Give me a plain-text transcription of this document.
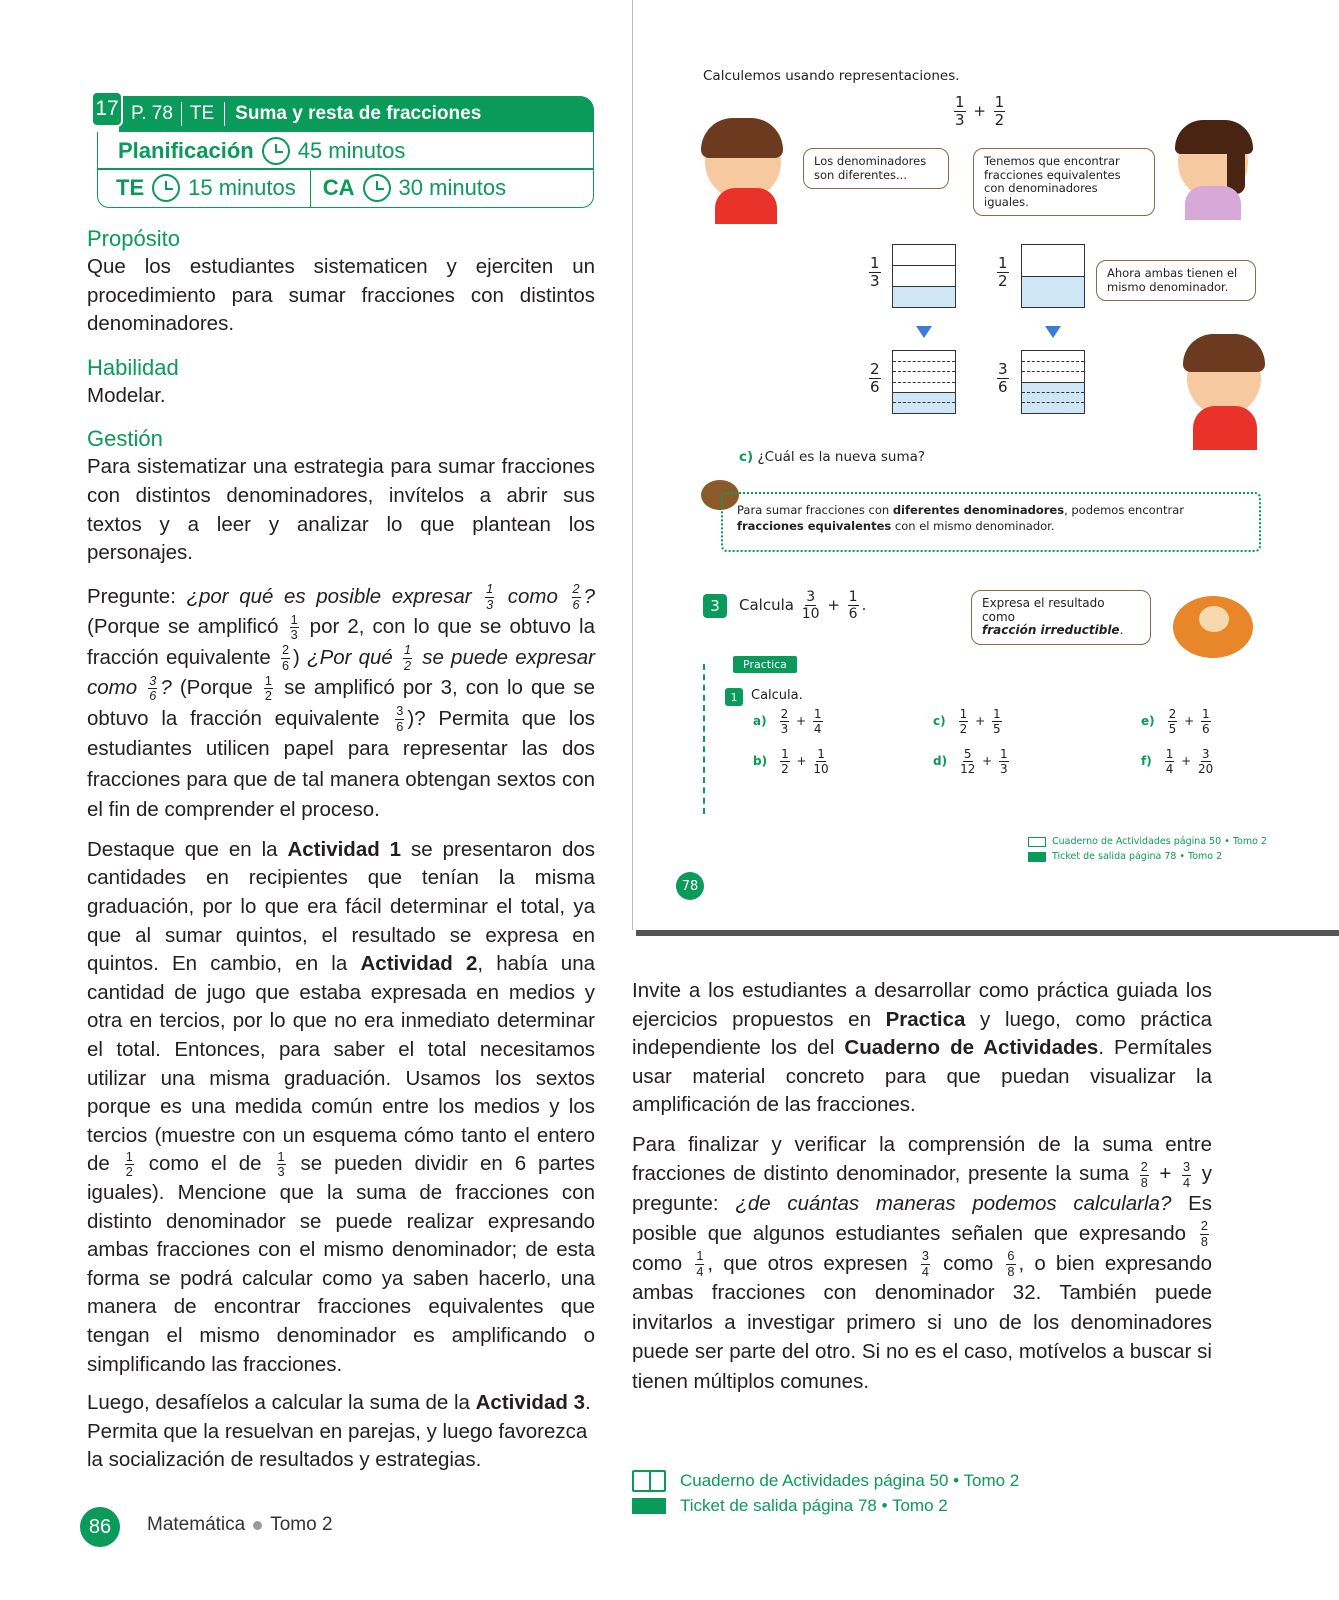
17 P. 78 TE Suma y resta de fracciones
Planificación 45 minutos
TE 15 minutos CA 30 minutos
Propósito

Que los estudiantes sistematicen y ejerciten un procedimiento para sumar fracciones con distintos denominadores.

Habilidad

Modelar.

Gestión

Para sistematizar una estrategia para sumar fracciones con distintos denominadores, invítelos a abrir sus textos y a leer y analizar lo que plantean los personajes.

Pregunte: ¿por qué es posible expresar $\frac{1}{3}$ como $\frac{2}{6}$ ? (Porque se amplificó $\frac{1}{3}$ por 2, con lo que se obtuvo la fracción equivalente $\frac{2}{6}$ ) ¿Por qué $\frac{1}{2}$ se puede expresar como $\frac{3}{6}$ ? (Porque $\frac{1}{2}$ se amplificó por 3, con lo que se obtuvo la fracción equivalente $\frac{3}{6}$ )? Permita que los estudiantes utilicen papel para representar las dos fracciones para que de tal manera obtengan sextos con el fin de comprender el proceso.

Destaque que en la Actividad 1 se presentaron dos cantidades en recipientes que tenían la misma graduación, por lo que era fácil determinar el total, ya que al sumar quintos, el resultado se expresa en quintos. En cambio, en la Actividad 2, había una cantidad de jugo que estaba expresada en medios y otra en tercios, por lo que no era inmediato determinar el total. Entonces, para saber el total necesitamos utilizar una misma graduación. Usamos los sextos porque es una medida común entre los medios y los tercios (muestre con un esquema cómo tanto el entero de $\frac{1}{2}$ como el de $\frac{1}{3}$ se pueden dividir en 6 partes iguales). Mencione que la suma de fracciones con distinto denominador se puede realizar expresando ambas fracciones con el mismo denominador; de esta forma se podrá calcular como ya saben hacerlo, una manera de encontrar fracciones equivalentes que tengan el mismo denominador es amplificando o simplificando las fracciones.

Luego, desafíelos a calcular la suma de la Actividad 3. Permita que la resuelvan en parejas, y luego favorezca la socialización de resultados y estrategias.

86	Matemática Tomo 2
Calculemos usando representaciones.
$\frac{1}{3} + \frac{1}{2}$
Los denominadores son diferentes...
Tenemos que encontrar fracciones equivalentes con denominadores iguales.
$\frac{1}{3}$	$\frac{1}{2}$	Ahora ambas tienen el mismo denominador.
$\frac{2}{6}$	$\frac{3}{6}$
c) ¿Cuál es la nueva suma?
Para sumar fracciones con diferentes denominadores, podemos encontrar fracciones equivalentes con el mismo denominador.
3	Calcula $\frac{3}{10} + \frac{1}{6}$ .	Expresa el resultado como
fracción irreductible.
Practica
1	Calcula.
$a) \frac{2}{3} + \frac{1}{4}$	$c) \frac{1}{2} + \frac{1}{5}$	$e) \frac{2}{5} + \frac{1}{6}$
$b) \frac{1}{2} + \frac{1}{10}$	$d) \frac{5}{12} + \frac{1}{3}$	$f) \frac{1}{4} + \frac{3}{20}$
Cuaderno de Actividades página 50 • Tomo 2
Ticket de salida página 78 • Tomo 2
78

Invite a los estudiantes a desarrollar como práctica guiada los ejercicios propuestos en Practica y luego, como práctica independiente los del Cuaderno de Actividades. Permítales usar material concreto para que puedan visualizar la amplificación de las fracciones.

Para finalizar y verificar la comprensión de la suma entre fracciones de distinto denominador, presente la suma $\frac{2}{8} + \frac{3}{4}$ y pregunte: ¿de cuántas maneras podemos calcularla? Es posible que algunos estudiantes señalen que expresando $\frac{2}{8}$
como $\frac{1}{4}$ , que otros expresen $\frac{3}{4}$ como $\frac{6}{8}$ , o bien expresando ambas fracciones con denominador 32. También puede invitarlos a investigar primero si uno de los denominadores puede ser parte del otro. Si no es el caso, motívelos a buscar si tienen múltiplos comunes.

Cuaderno de Actividades página 50 • Tomo 2
Ticket de salida página 78 • Tomo 2
